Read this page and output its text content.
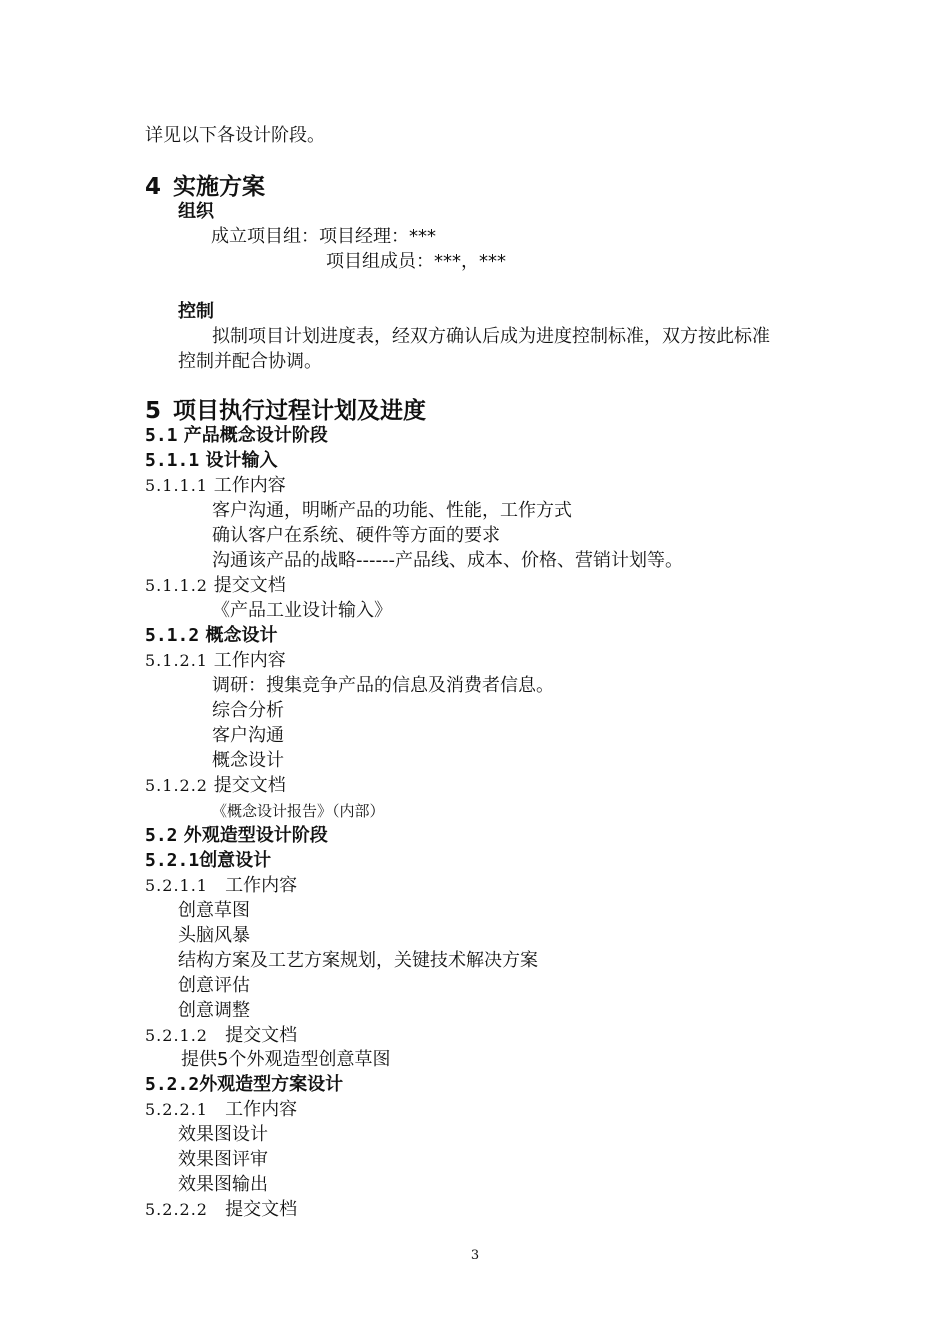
详见以下各设计阶段。
4 实施方案
组织
成立项目组：项目经理：***
项目组成员：***，***
控制
拟制项目计划进度表，经双方确认后成为进度控制标准，双方按此标准
控制并配合协调。
5 项目执行过程计划及进度
5.1 产品概念设计阶段
5.1.1 设计输入
5.1.1.1 工作内容
客户沟通，明晰产品的功能、性能，工作方式
确认客户在系统、硬件等方面的要求
沟通该产品的战略------产品线、成本、价格、营销计划等。
5.1.1.2 提交文档
《产品工业设计输入》
5.1.2 概念设计
5.1.2.1 工作内容
调研：搜集竞争产品的信息及消费者信息。
综合分析
客户沟通
概念设计
5.1.2.2 提交文档
《概念设计报告》（内部）
5.2 外观造型设计阶段
5.2.1创意设计
5.2.1.1 工作内容
创意草图
头脑风暴
结构方案及工艺方案规划，关键技术解决方案
创意评估
创意调整
5.2.1.2 提交文档
提供5个外观造型创意草图
5.2.2外观造型方案设计
5.2.2.1 工作内容
效果图设计
效果图评审
效果图输出
5.2.2.2 提交文档
3
